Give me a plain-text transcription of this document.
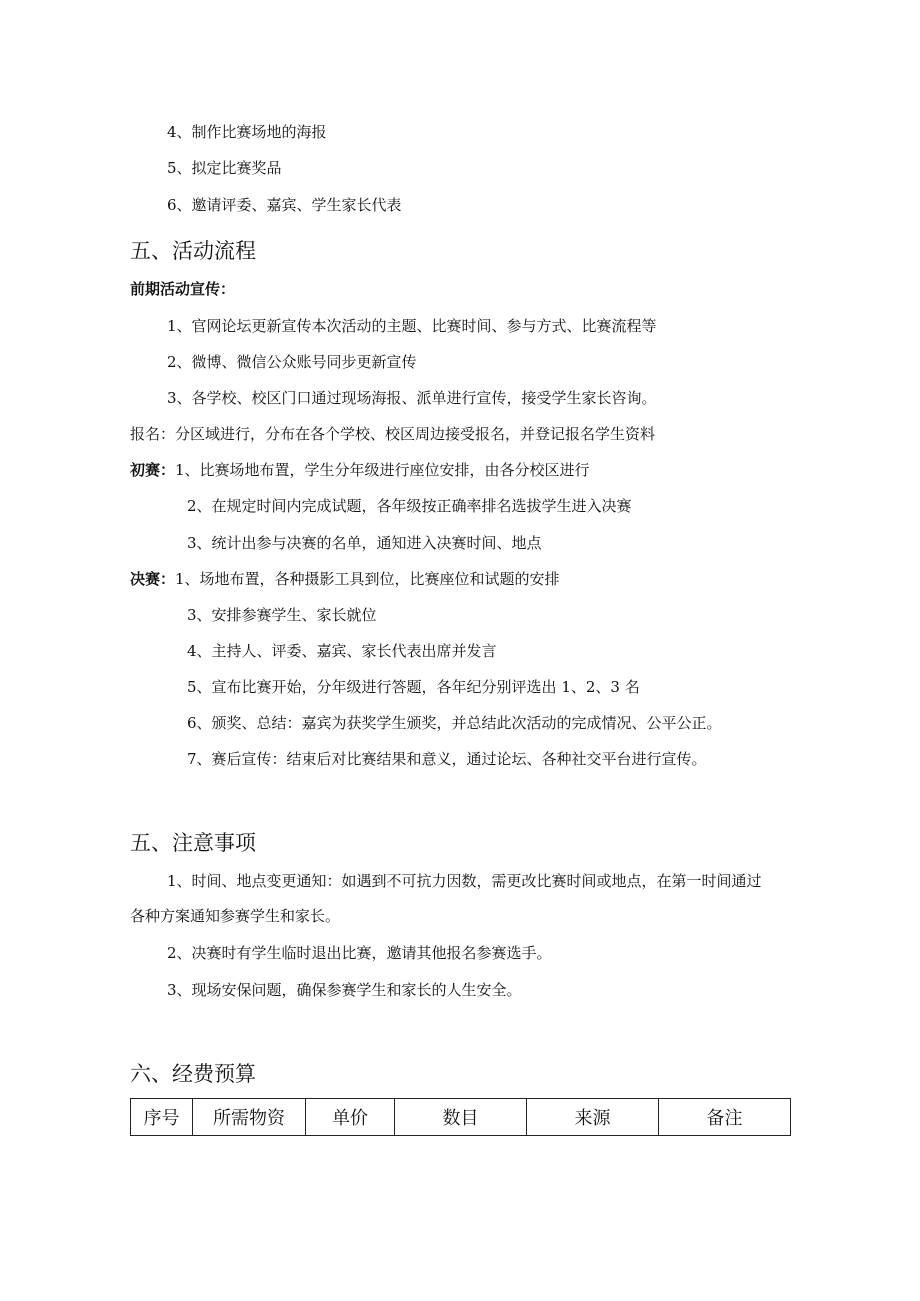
4、制作比赛场地的海报
5、拟定比赛奖品
6、邀请评委、嘉宾、学生家长代表
五、活动流程
前期活动宣传：
1、官网论坛更新宣传本次活动的主题、比赛时间、参与方式、比赛流程等
2、微博、微信公众账号同步更新宣传
3、各学校、校区门口通过现场海报、派单进行宣传，接受学生家长咨询。
报名：分区域进行，分布在各个学校、校区周边接受报名，并登记报名学生资料
初赛：1、比赛场地布置，学生分年级进行座位安排，由各分校区进行
2、在规定时间内完成试题，各年级按正确率排名选拔学生进入决赛
3、统计出参与决赛的名单，通知进入决赛时间、地点
决赛：1、场地布置，各种摄影工具到位，比赛座位和试题的安排
3、安排参赛学生、家长就位
4、主持人、评委、嘉宾、家长代表出席并发言
5、宣布比赛开始，分年级进行答题，各年纪分别评选出 1、2、3 名
6、颁奖、总结：嘉宾为获奖学生颁奖，并总结此次活动的完成情况、公平公正。
7、赛后宣传：结束后对比赛结果和意义，通过论坛、各种社交平台进行宣传。
五、注意事项
1、时间、地点变更通知：如遇到不可抗力因数，需更改比赛时间或地点，在第一时间通过
各种方案通知参赛学生和家长。
2、决赛时有学生临时退出比赛，邀请其他报名参赛选手。
3、现场安保问题，确保参赛学生和家长的人生安全。
六、经费预算
序号	所需物资	单价	数目	来源	备注
